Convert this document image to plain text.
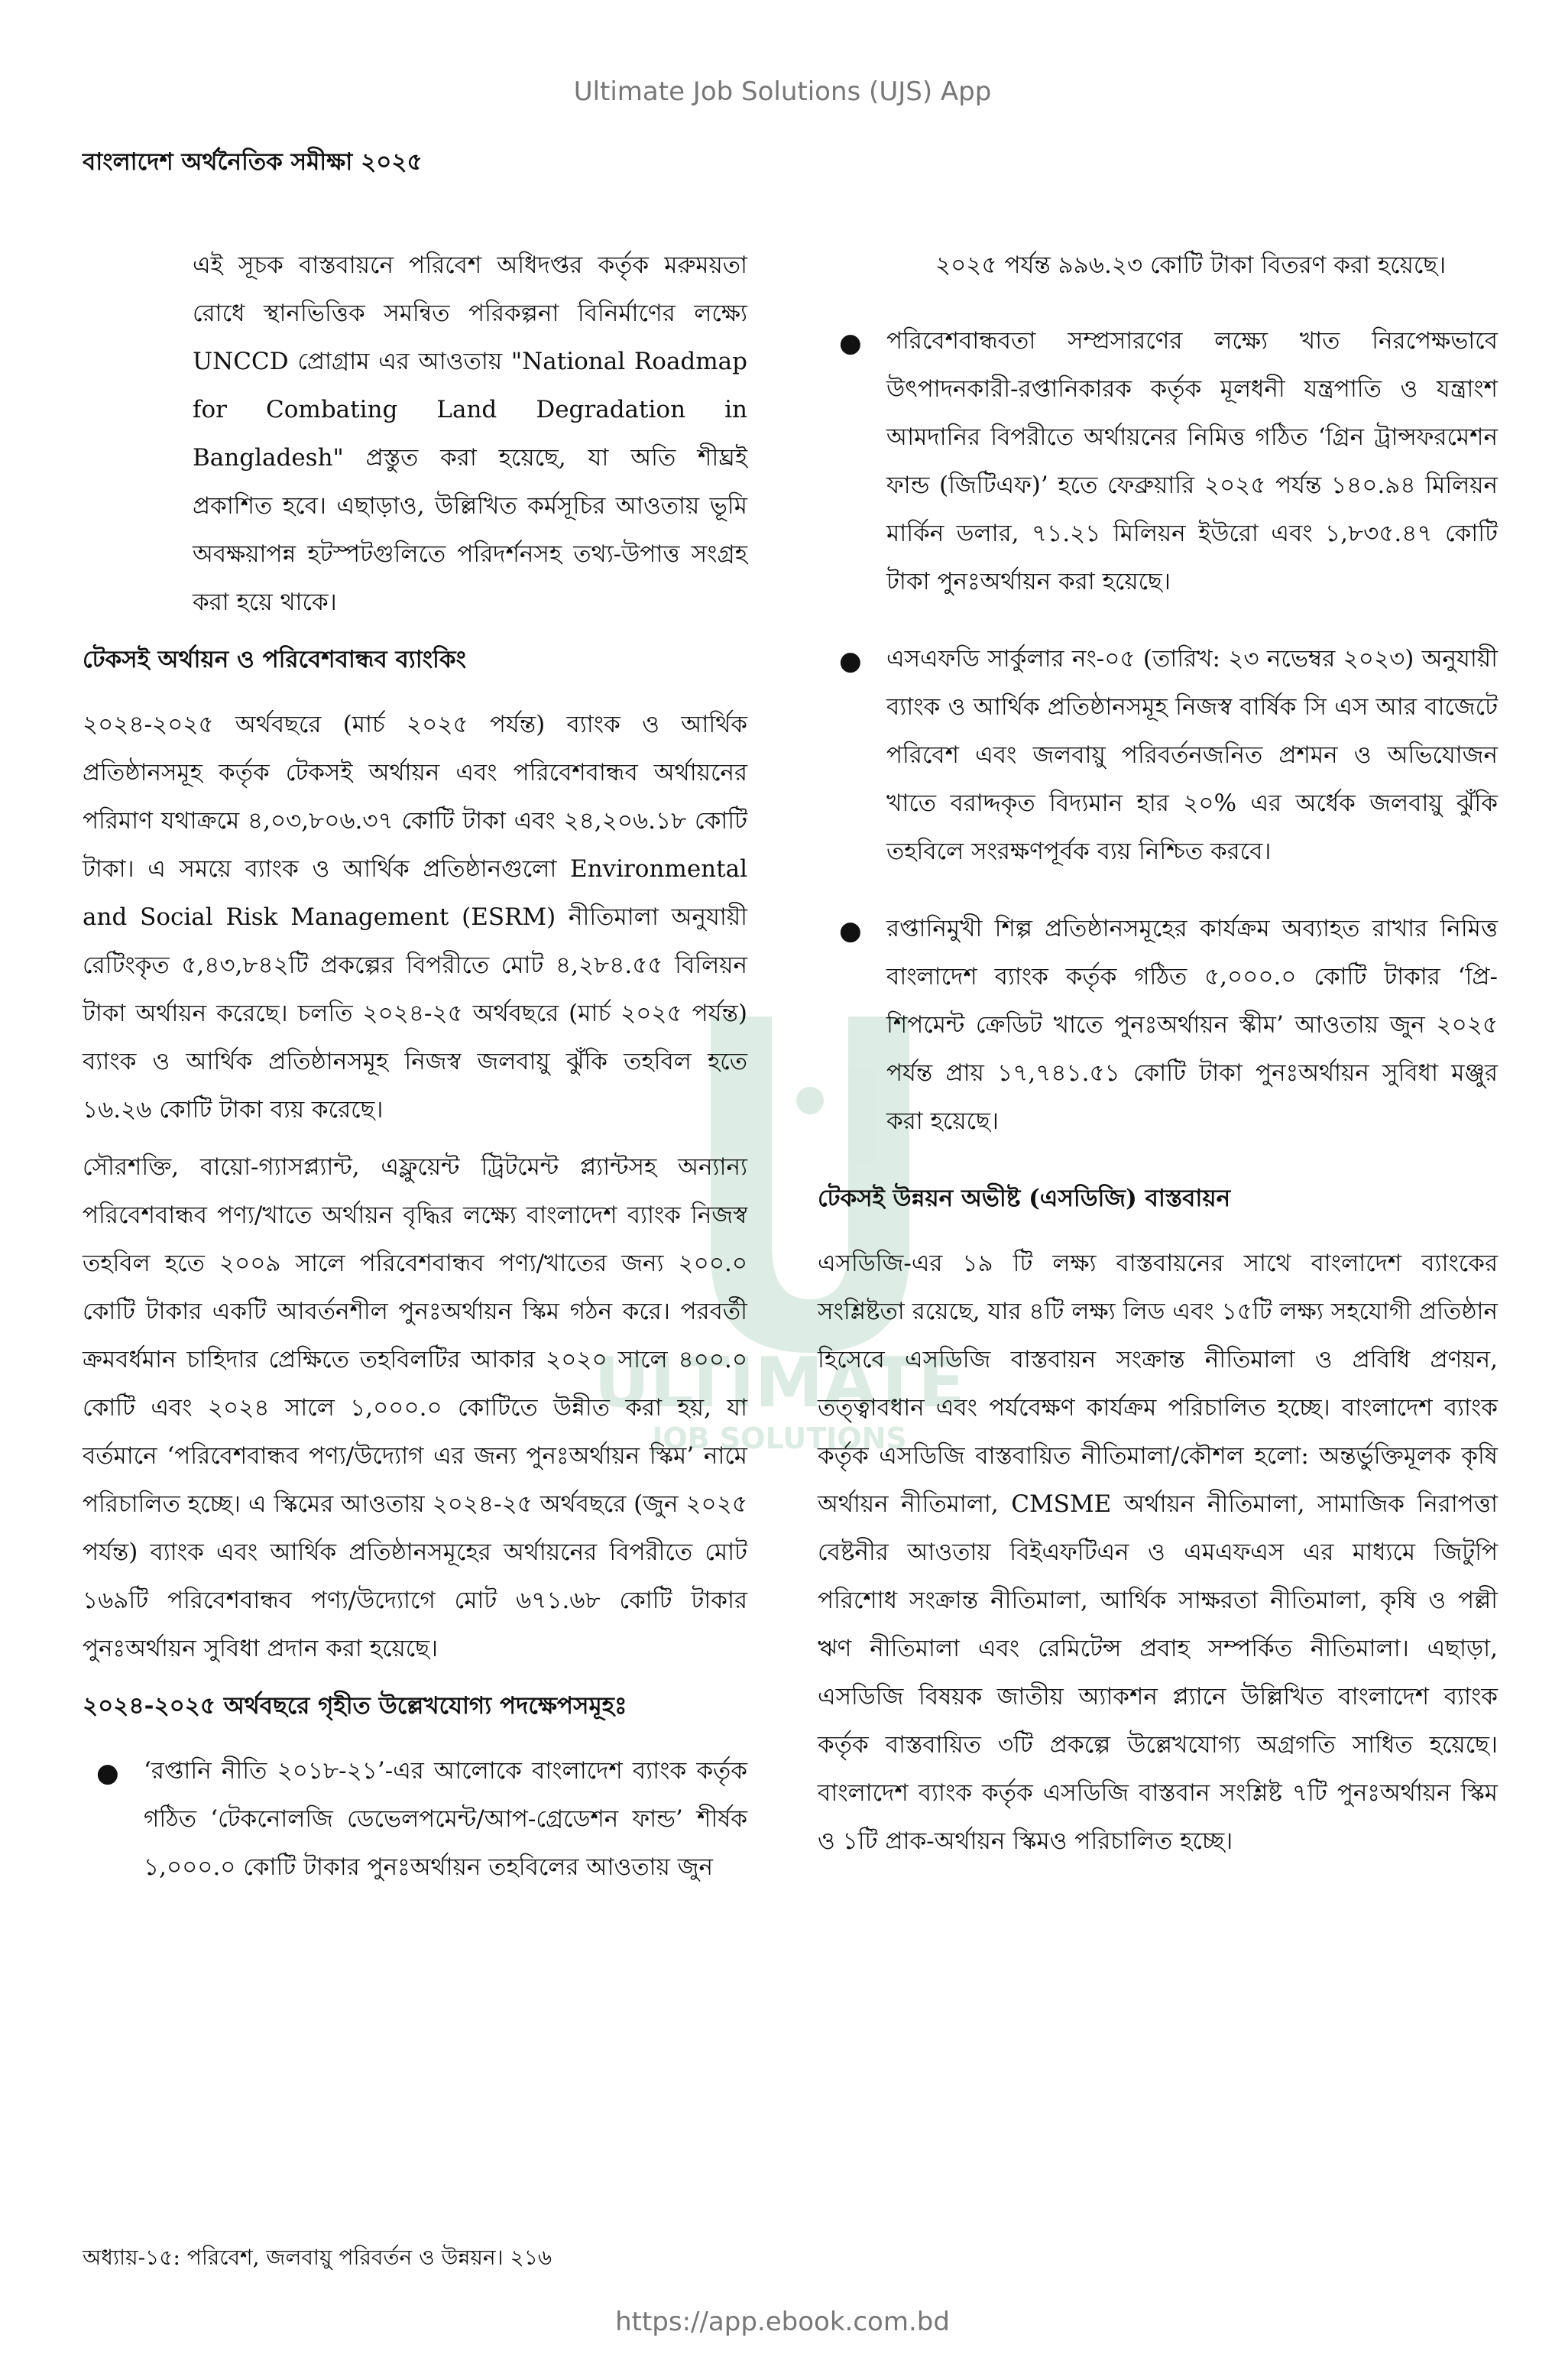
Ultimate Job Solutions (UJS) App
বাংলাদেশ অর্থনৈতিক সমীক্ষা ২০২৫
ULTIMATE
JOB SOLUTIONS

এই সূচক বাস্তবায়নে পরিবেশ অধিদপ্তর কর্তৃক মরুময়তা রোধে স্থানভিত্তিক সমন্বিত পরিকল্পনা বিনির্মাণের লক্ষ্যে UNCCD প্রোগ্রাম এর আওতায় "National Roadmap for Combating Land Degradation in Bangladesh" প্রস্তুত করা হয়েছে, যা অতি শীঘ্রই প্রকাশিত হবে। এছাড়াও, উল্লিখিত কর্মসূচির আওতায় ভূমি অবক্ষয়াপন্ন হটস্পটগুলিতে পরিদর্শনসহ তথ্য-উপাত্ত সংগ্রহ করা হয়ে থাকে।

টেকসই অর্থায়ন ও পরিবেশবান্ধব ব্যাংকিং

২০২৪-২০২৫ অর্থবছরে (মার্চ ২০২৫ পর্যন্ত) ব্যাংক ও আর্থিক প্রতিষ্ঠানসমূহ কর্তৃক টেকসই অর্থায়ন এবং পরিবেশবান্ধব অর্থায়নের পরিমাণ যথাক্রমে ৪,০৩,৮০৬.৩৭ কোটি টাকা এবং ২৪,২০৬.১৮ কোটি টাকা। এ সময়ে ব্যাংক ও আর্থিক প্রতিষ্ঠানগুলো Environmental and Social Risk Management (ESRM) নীতিমালা অনুযায়ী রেটিংকৃত ৫,৪৩,৮৪২টি প্রকল্পের বিপরীতে মোট ৪,২৮৪.৫৫ বিলিয়ন টাকা অর্থায়ন করেছে। চলতি ২০২৪-২৫ অর্থবছরে (মার্চ ২০২৫ পর্যন্ত) ব্যাংক ও আর্থিক প্রতিষ্ঠানসমূহ নিজস্ব জলবায়ু ঝুঁকি তহবিল হতে ১৬.২৬ কোটি টাকা ব্যয় করেছে।

সৌরশক্তি, বায়ো-গ্যাসপ্ল্যান্ট, এফ্লুয়েন্ট ট্রিটমেন্ট প্ল্যান্টসহ অন্যান্য পরিবেশবান্ধব পণ্য/খাতে অর্থায়ন বৃদ্ধির লক্ষ্যে বাংলাদেশ ব্যাংক নিজস্ব তহবিল হতে ২০০৯ সালে পরিবেশবান্ধব পণ্য/খাতের জন্য ২০০.০ কোটি টাকার একটি আবর্তনশীল পুনঃঅর্থায়ন স্কিম গঠন করে। পরবর্তী ক্রমবর্ধমান চাহিদার প্রেক্ষিতে তহবিলটির আকার ২০২০ সালে ৪০০.০ কোটি এবং ২০২৪ সালে ১,০০০.০ কোটিতে উন্নীত করা হয়, যা বর্তমানে ‘পরিবেশবান্ধব পণ্য/উদ্যোগ এর জন্য পুনঃঅর্থায়ন স্কিম’ নামে পরিচালিত হচ্ছে। এ স্কিমের আওতায় ২০২৪-২৫ অর্থবছরে (জুন ২০২৫ পর্যন্ত) ব্যাংক এবং আর্থিক প্রতিষ্ঠানসমূহের অর্থায়নের বিপরীতে মোট ১৬৯টি পরিবেশবান্ধব পণ্য/উদ্যোগে মোট ৬৭১.৬৮ কোটি টাকার পুনঃঅর্থায়ন সুবিধা প্রদান করা হয়েছে।

২০২৪-২০২৫ অর্থবছরে গৃহীত উল্লেখযোগ্য পদক্ষেপসমূহঃ
● ‘রপ্তানি নীতি ২০১৮-২১’-এর আলোকে বাংলাদেশ ব্যাংক কর্তৃক গঠিত ‘টেকনোলজি ডেভেলপমেন্ট/আপ-গ্রেডেশন ফান্ড’ শীর্ষক ১,০০০.০ কোটি টাকার পুনঃঅর্থায়ন তহবিলের আওতায় জুন

২০২৫ পর্যন্ত ৯৯৬.২৩ কোটি টাকা বিতরণ করা হয়েছে।

● পরিবেশবান্ধবতা সম্প্রসারণের লক্ষ্যে খাত নিরপেক্ষভাবে উৎপাদনকারী-রপ্তানিকারক কর্তৃক মূলধনী যন্ত্রপাতি ও যন্ত্রাংশ আমদানির বিপরীতে অর্থায়নের নিমিত্ত গঠিত ‘গ্রিন ট্রান্সফরমেশন ফান্ড (জিটিএফ)’ হতে ফেব্রুয়ারি ২০২৫ পর্যন্ত ১৪০.৯৪ মিলিয়ন মার্কিন ডলার, ৭১.২১ মিলিয়ন ইউরো এবং ১,৮৩৫.৪৭ কোটি টাকা পুনঃঅর্থায়ন করা হয়েছে।

● এসএফডি সার্কুলার নং-০৫ (তারিখ: ২৩ নভেম্বর ২০২৩) অনুযায়ী ব্যাংক ও আর্থিক প্রতিষ্ঠানসমূহ নিজস্ব বার্ষিক সি এস আর বাজেটে পরিবেশ এবং জলবায়ু পরিবর্তনজনিত প্রশমন ও অভিযোজন খাতে বরাদ্দকৃত বিদ্যমান হার ২০% এর অর্ধেক জলবায়ু ঝুঁকি তহবিলে সংরক্ষণপূর্বক ব্যয় নিশ্চিত করবে।

● রপ্তানিমুখী শিল্প প্রতিষ্ঠানসমূহের কার্যক্রম অব্যাহত রাখার নিমিত্ত বাংলাদেশ ব্যাংক কর্তৃক গঠিত ৫,০০০.০ কোটি টাকার ‘প্রি-শিপমেন্ট ক্রেডিট খাতে পুনঃঅর্থায়ন স্কীম’ আওতায় জুন ২০২৫ পর্যন্ত প্রায় ১৭,৭৪১.৫১ কোটি টাকা পুনঃঅর্থায়ন সুবিধা মঞ্জুর করা হয়েছে।

টেকসই উন্নয়ন অভীষ্ট (এসডিজি) বাস্তবায়ন

এসডিজি-এর ১৯ টি লক্ষ্য বাস্তবায়নের সাথে বাংলাদেশ ব্যাংকের সংশ্লিষ্টতা রয়েছে, যার ৪টি লক্ষ্য লিড এবং ১৫টি লক্ষ্য সহযোগী প্রতিষ্ঠান হিসেবে এসডিজি বাস্তবায়ন সংক্রান্ত নীতিমালা ও প্রবিধি প্রণয়ন, তত্ত্বাবধান এবং পর্যবেক্ষণ কার্যক্রম পরিচালিত হচ্ছে। বাংলাদেশ ব্যাংক কর্তৃক এসডিজি বাস্তবায়িত নীতিমালা/কৌশল হলো: অন্তর্ভুক্তিমূলক কৃষি অর্থায়ন নীতিমালা, CMSME অর্থায়ন নীতিমালা, সামাজিক নিরাপত্তা বেষ্টনীর আওতায় বিইএফটিএন ও এমএফএস এর মাধ্যমে জিটুপি পরিশোধ সংক্রান্ত নীতিমালা, আর্থিক সাক্ষরতা নীতিমালা, কৃষি ও পল্লী ঋণ নীতিমালা এবং রেমিটেন্স প্রবাহ সম্পর্কিত নীতিমালা। এছাড়া, এসডিজি বিষয়ক জাতীয় অ্যাকশন প্ল্যানে উল্লিখিত বাংলাদেশ ব্যাংক কর্তৃক বাস্তবায়িত ৩টি প্রকল্পে উল্লেখযোগ্য অগ্রগতি সাধিত হয়েছে। বাংলাদেশ ব্যাংক কর্তৃক এসডিজি বাস্তবান সংশ্লিষ্ট ৭টি পুনঃঅর্থায়ন স্কিম ও ১টি প্রাক-অর্থায়ন স্কিমও পরিচালিত হচ্ছে।

অধ্যায়-১৫: পরিবেশ, জলবায়ু পরিবর্তন ও উন্নয়ন। ২১৬
https://app.ebook.com.bd
